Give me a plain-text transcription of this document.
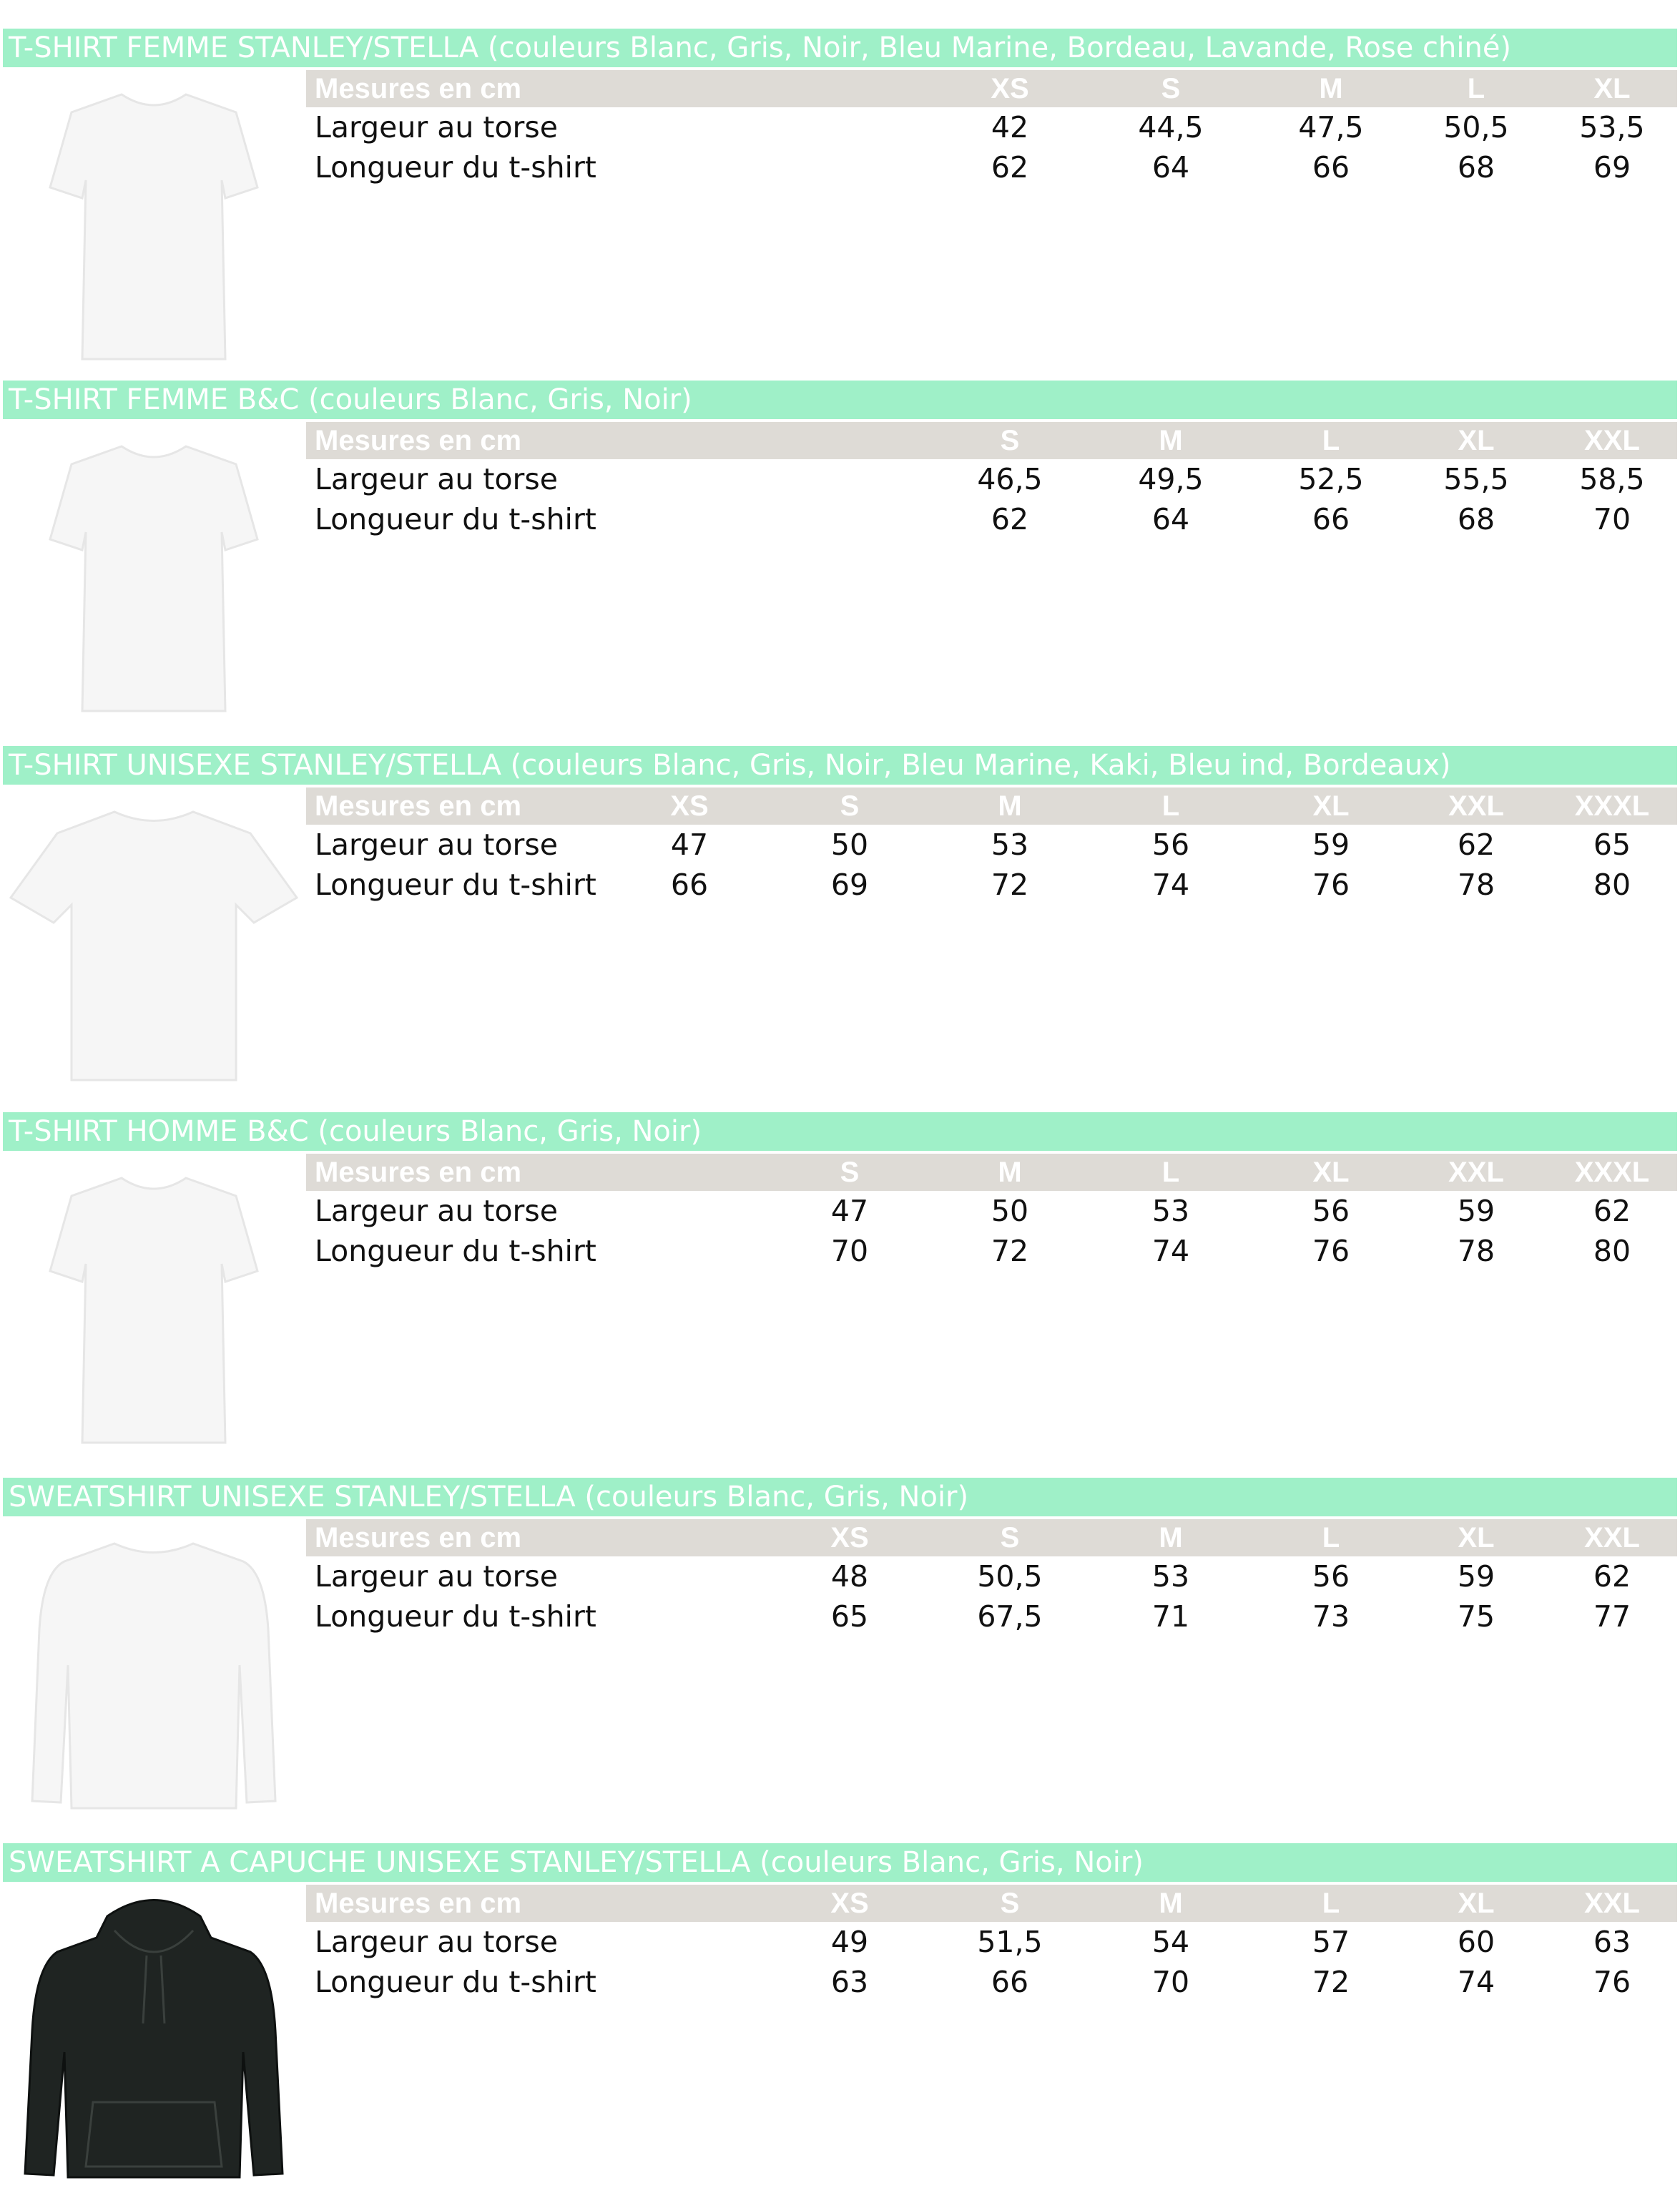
T-SHIRT FEMME STANLEY/STELLA (couleurs Blanc, Gris, Noir, Bleu Marine, Bordeau, Lavande, Rose chiné)
Mesures en cm	XS	S	M	L	XL
Largeur au torse	42	44,5	47,5	50,5	53,5
Longueur du t-shirt	62	64	66	68	69
T-SHIRT FEMME B&C (couleurs Blanc, Gris, Noir)
Mesures en cm	S	M	L	XL	XXL
Largeur au torse	46,5	49,5	52,5	55,5	58,5
Longueur du t-shirt	62	64	66	68	70
T-SHIRT UNISEXE STANLEY/STELLA (couleurs Blanc, Gris, Noir, Bleu Marine, Kaki, Bleu ind, Bordeaux)
Mesures en cm	XS	S	M	L	XL	XXL	XXXL
Largeur au torse	47	50	53	56	59	62	65
Longueur du t-shirt	66	69	72	74	76	78	80
T-SHIRT HOMME B&C (couleurs Blanc, Gris, Noir)
Mesures en cm	S	M	L	XL	XXL	XXXL
Largeur au torse	47	50	53	56	59	62
Longueur du t-shirt	70	72	74	76	78	80
SWEATSHIRT UNISEXE STANLEY/STELLA (couleurs Blanc, Gris, Noir)
Mesures en cm	XS	S	M	L	XL	XXL
Largeur au torse	48	50,5	53	56	59	62
Longueur du t-shirt	65	67,5	71	73	75	77
SWEATSHIRT A CAPUCHE UNISEXE STANLEY/STELLA (couleurs Blanc, Gris, Noir)
Mesures en cm	XS	S	M	L	XL	XXL
Largeur au torse	49	51,5	54	57	60	63
Longueur du t-shirt	63	66	70	72	74	76
